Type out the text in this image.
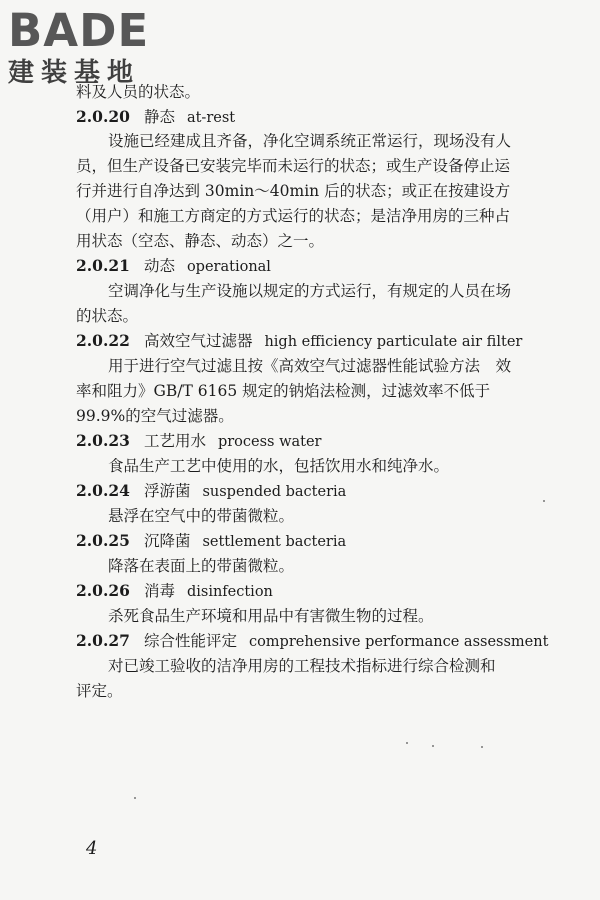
BADE
建装基地
料及人员的状态。
2.0.20 静态 at-rest
设施已经建成且齐备，净化空调系统正常运行，现场没有人
员，但生产设备已安装完毕而未运行的状态；或生产设备停止运
行并进行自净达到 30min～40min 后的状态；或正在按建设方
（用户）和施工方商定的方式运行的状态；是洁净用房的三种占
用状态（空态、静态、动态）之一。
2.0.21 动态 operational
空调净化与生产设施以规定的方式运行，有规定的人员在场
的状态。
2.0.22 高效空气过滤器 high efficiency particulate air filter
用于进行空气过滤且按《高效空气过滤器性能试验方法　效
率和阻力》GB/T 6165 规定的钠焰法检测，过滤效率不低于
99.9%的空气过滤器。
2.0.23 工艺用水 process water
食品生产工艺中使用的水，包括饮用水和纯净水。
2.0.24 浮游菌 suspended bacteria
悬浮在空气中的带菌微粒。
2.0.25 沉降菌 settlement bacteria
降落在表面上的带菌微粒。
2.0.26 消毒 disinfection
杀死食品生产环境和用品中有害微生物的过程。
2.0.27 综合性能评定 comprehensive performance assessment
对已竣工验收的洁净用房的工程技术指标进行综合检测和
评定。
4
